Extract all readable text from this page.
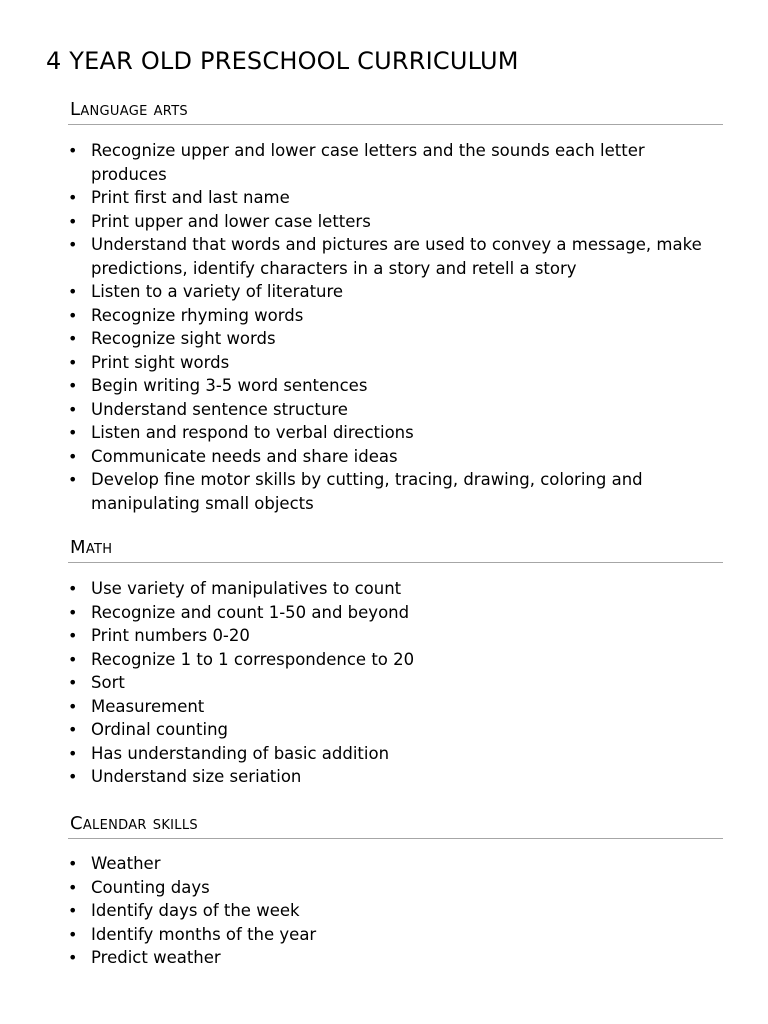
4 YEAR OLD PRESCHOOL CURRICULUM
Language arts
• Recognize upper and lower case letters and the sounds each letter produces
• Print first and last name
• Print upper and lower case letters
• Understand that words and pictures are used to convey a message, make predictions, identify characters in a story and retell a story
• Listen to a variety of literature
• Recognize rhyming words
• Recognize sight words
• Print sight words
• Begin writing 3-5 word sentences
• Understand sentence structure
• Listen and respond to verbal directions
• Communicate needs and share ideas
• Develop fine motor skills by cutting, tracing, drawing, coloring and manipulating small objects
Math
• Use variety of manipulatives to count
• Recognize and count 1-50 and beyond
• Print numbers 0-20
• Recognize 1 to 1 correspondence to 20
• Sort
• Measurement
• Ordinal counting
• Has understanding of basic addition
• Understand size seriation
Calendar skills
• Weather
• Counting days
• Identify days of the week
• Identify months of the year
• Predict weather
